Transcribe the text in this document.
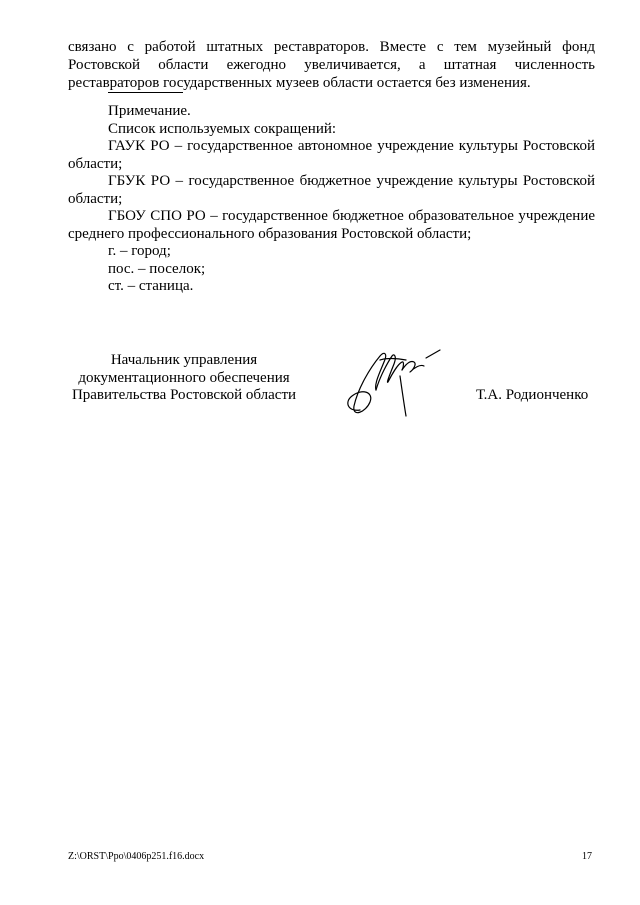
связано с работой штатных реставраторов. Вместе с тем музейный фонд
Ростовской области ежегодно увеличивается, а штатная численность
реставраторов государственных музеев области остается без изменения.
Примечание.
Список используемых сокращений:
ГАУК РО – государственное автономное учреждение культуры Ростовской
области;
ГБУК РО – государственное бюджетное учреждение культуры Ростовской
области;
ГБОУ СПО РО – государственное бюджетное образовательное учреждение
среднего профессионального образования Ростовской области;
г. – город;
пос. – поселок;
ст. – станица.
Начальник управления
документационного обеспечения
Правительства Ростовской области	Т.А. Родионченко
Z:\ORST\Ppo\0406p251.f16.docx	17
